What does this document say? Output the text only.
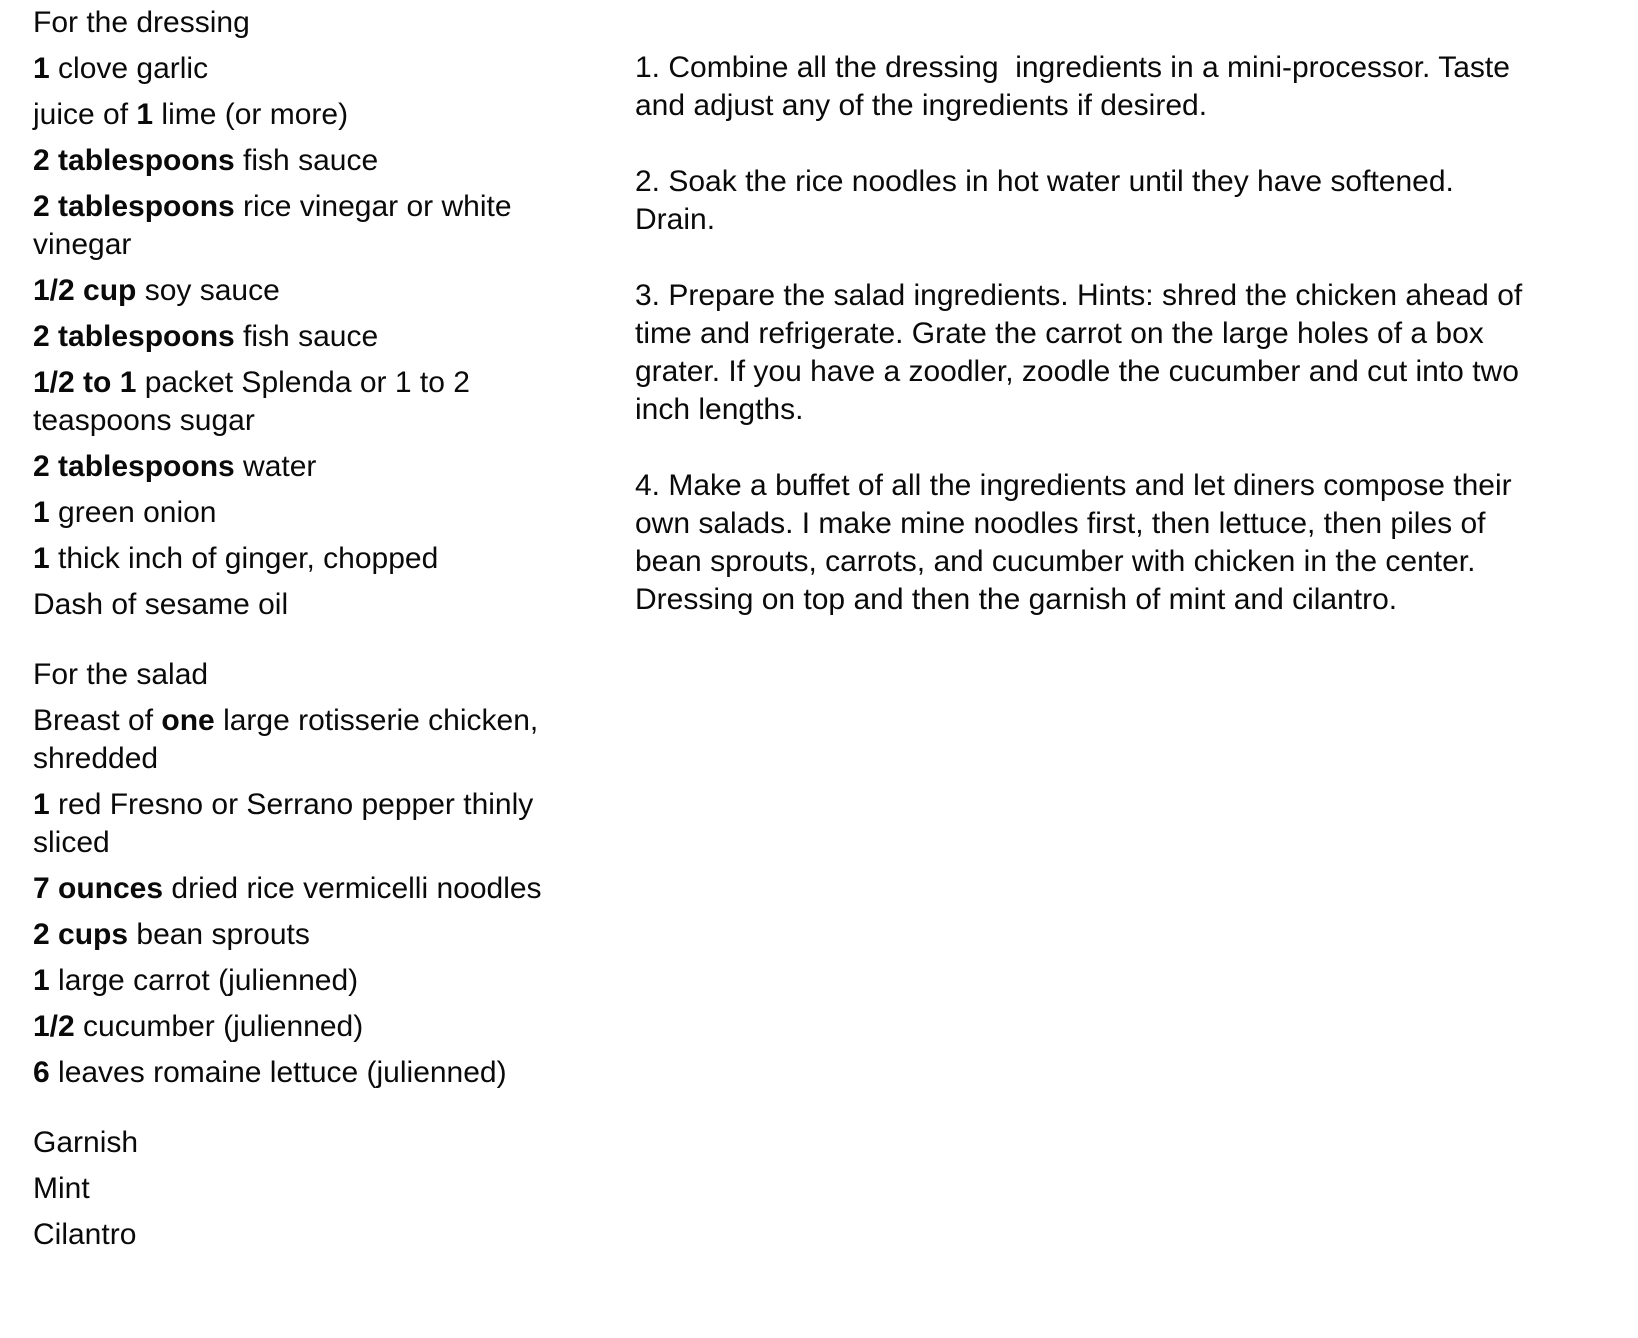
For the dressing

1 clove garlic

juice of 1 lime (or more)

2 tablespoons fish sauce

2 tablespoons rice vinegar or white vinegar

1/2 cup soy sauce

2 tablespoons fish sauce

1/2 to 1 packet Splenda or 1 to 2 teaspoons sugar

2 tablespoons water

1 green onion

1 thick inch of ginger, chopped

Dash of sesame oil

For the salad

Breast of one large rotisserie chicken, shredded

1 red Fresno or Serrano pepper thinly sliced

7 ounces dried rice vermicelli noodles

2 cups bean sprouts

1 large carrot (julienned)

1/2 cucumber (julienned)

6 leaves romaine lettuce (julienned)

Garnish

Mint

Cilantro

1. Combine all the dressing  ingredients in a mini-processor. Taste and adjust any of the ingredients if desired.

2. Soak the rice noodles in hot water until they have softened. Drain.

3. Prepare the salad ingredients. Hints: shred the chicken ahead of time and refrigerate. Grate the carrot on the large holes of a box grater. If you have a zoodler, zoodle the cucumber and cut into two inch lengths.

4. Make a buffet of all the ingredients and let diners compose their own salads. I make mine noodles first, then lettuce, then piles of bean sprouts, carrots, and cucumber with chicken in the center. Dressing on top and then the garnish of mint and cilantro.
